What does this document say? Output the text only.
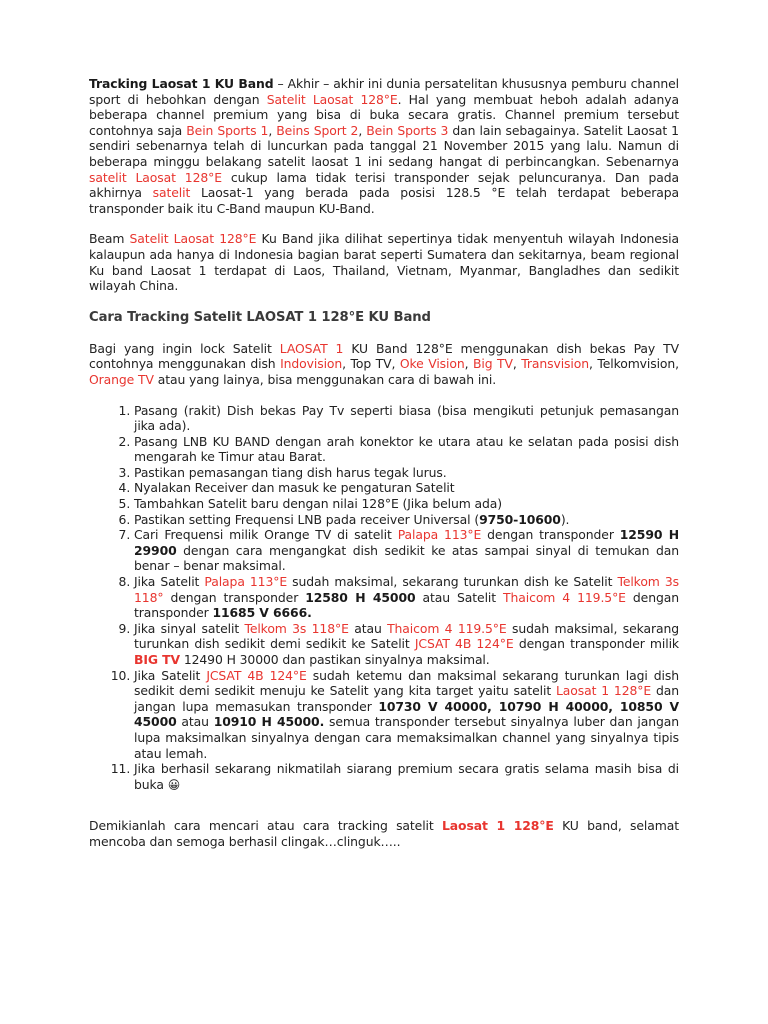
Tracking Laosat 1 KU Band – Akhir – akhir ini dunia persatelitan khususnya pemburu channel sport di hebohkan dengan Satelit Laosat 128°E. Hal yang membuat heboh adalah adanya beberapa channel premium yang bisa di buka secara gratis. Channel premium tersebut contohnya saja Bein Sports 1, Beins Sport 2, Bein Sports 3 dan lain sebagainya. Satelit Laosat 1 sendiri sebenarnya telah di luncurkan pada tanggal 21 November 2015 yang lalu. Namun di beberapa minggu belakang satelit laosat 1 ini sedang hangat di perbincangkan. Sebenarnya satelit Laosat 128°E cukup lama tidak terisi transponder sejak peluncuranya. Dan pada akhirnya satelit Laosat-1 yang berada pada posisi 128.5 °E telah terdapat beberapa transponder baik itu C-Band maupun KU-Band.

Beam Satelit Laosat 128°E Ku Band jika dilihat sepertinya tidak menyentuh wilayah Indonesia kalaupun ada hanya di Indonesia bagian barat seperti Sumatera dan sekitarnya, beam regional Ku band Laosat 1 terdapat di Laos, Thailand, Vietnam, Myanmar, Bangladhes dan sedikit wilayah China.

Cara Tracking Satelit LAOSAT 1 128°E KU Band

Bagi yang ingin lock Satelit LAOSAT 1 KU Band 128°E menggunakan dish bekas Pay TV contohnya menggunakan dish Indovision, Top TV, Oke Vision, Big TV, Transvision, Telkomvision, Orange TV atau yang lainya, bisa menggunakan cara di bawah ini.

1. Pasang (rakit) Dish bekas Pay Tv seperti biasa (bisa mengikuti petunjuk pemasangan jika ada).
2. Pasang LNB KU BAND dengan arah konektor ke utara atau ke selatan pada posisi dish mengarah ke Timur atau Barat.
3. Pastikan pemasangan tiang dish harus tegak lurus.
4. Nyalakan Receiver dan masuk ke pengaturan Satelit
5. Tambahkan Satelit baru dengan nilai 128°E (Jika belum ada)
6. Pastikan setting Frequensi LNB pada receiver Universal (9750-10600).
7. Cari Frequensi milik Orange TV di satelit Palapa 113°E dengan transponder 12590 H 29900 dengan cara mengangkat dish sedikit ke atas sampai sinyal di temukan dan benar – benar maksimal.
8. Jika Satelit Palapa 113°E sudah maksimal, sekarang turunkan dish ke Satelit Telkom 3s 118° dengan transponder 12580 H 45000 atau Satelit Thaicom 4 119.5°E dengan transponder 11685 V 6666.
9. Jika sinyal satelit Telkom 3s 118°E atau Thaicom 4 119.5°E sudah maksimal, sekarang turunkan dish sedikit demi sedikit ke Satelit JCSAT 4B 124°E dengan transponder milik BIG TV 12490 H 30000 dan pastikan sinyalnya maksimal.
10. Jika Satelit JCSAT 4B 124°E sudah ketemu dan maksimal sekarang turunkan lagi dish sedikit demi sedikit menuju ke Satelit yang kita target yaitu satelit Laosat 1 128°E dan jangan lupa memasukan transponder 10730 V 40000, 10790 H 40000, 10850 V 45000 atau 10910 H 45000. semua transponder tersebut sinyalnya luber dan jangan lupa maksimalkan sinyalnya dengan cara memaksimalkan channel yang sinyalnya tipis atau lemah.
11. Jika berhasil sekarang nikmatilah siarang premium secara gratis selama masih bisa di buka 😀

Demikianlah cara mencari atau cara tracking satelit Laosat 1 128°E KU band, selamat mencoba dan semoga berhasil clingak…clinguk…..
